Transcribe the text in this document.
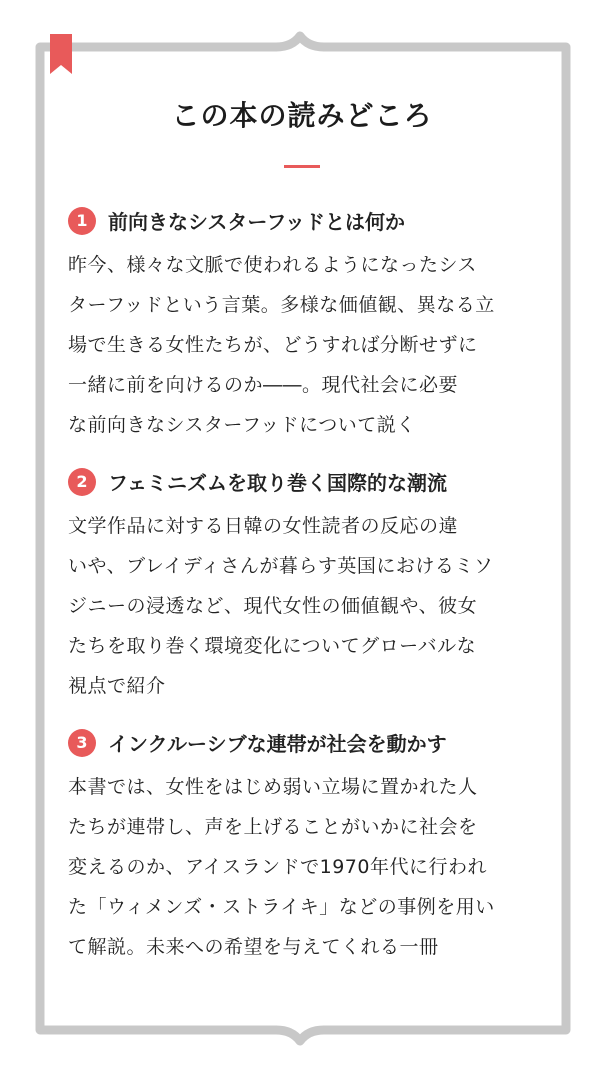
この本の読みどころ
1	前向きなシスターフッドとは何か

昨今、様々な文脈で使われるようになったシス
ターフッドという言葉。多様な価値観、異なる立
場で生きる女性たちが、どうすれば分断せずに
一緒に前を向けるのか――。現代社会に必要
な前向きなシスターフッドについて説く

2	フェミニズムを取り巻く国際的な潮流

文学作品に対する日韓の女性読者の反応の違
いや、ブレイディさんが暮らす英国におけるミソ
ジニーの浸透など、現代女性の価値観や、彼女
たちを取り巻く環境変化についてグローバルな
視点で紹介

3	インクルーシブな連帯が社会を動かす

本書では、女性をはじめ弱い立場に置かれた人
たちが連帯し、声を上げることがいかに社会を
変えるのか、アイスランドで1970年代に行われ
た「ウィメンズ・ストライキ」などの事例を用い
て解説。未来への希望を与えてくれる一冊
